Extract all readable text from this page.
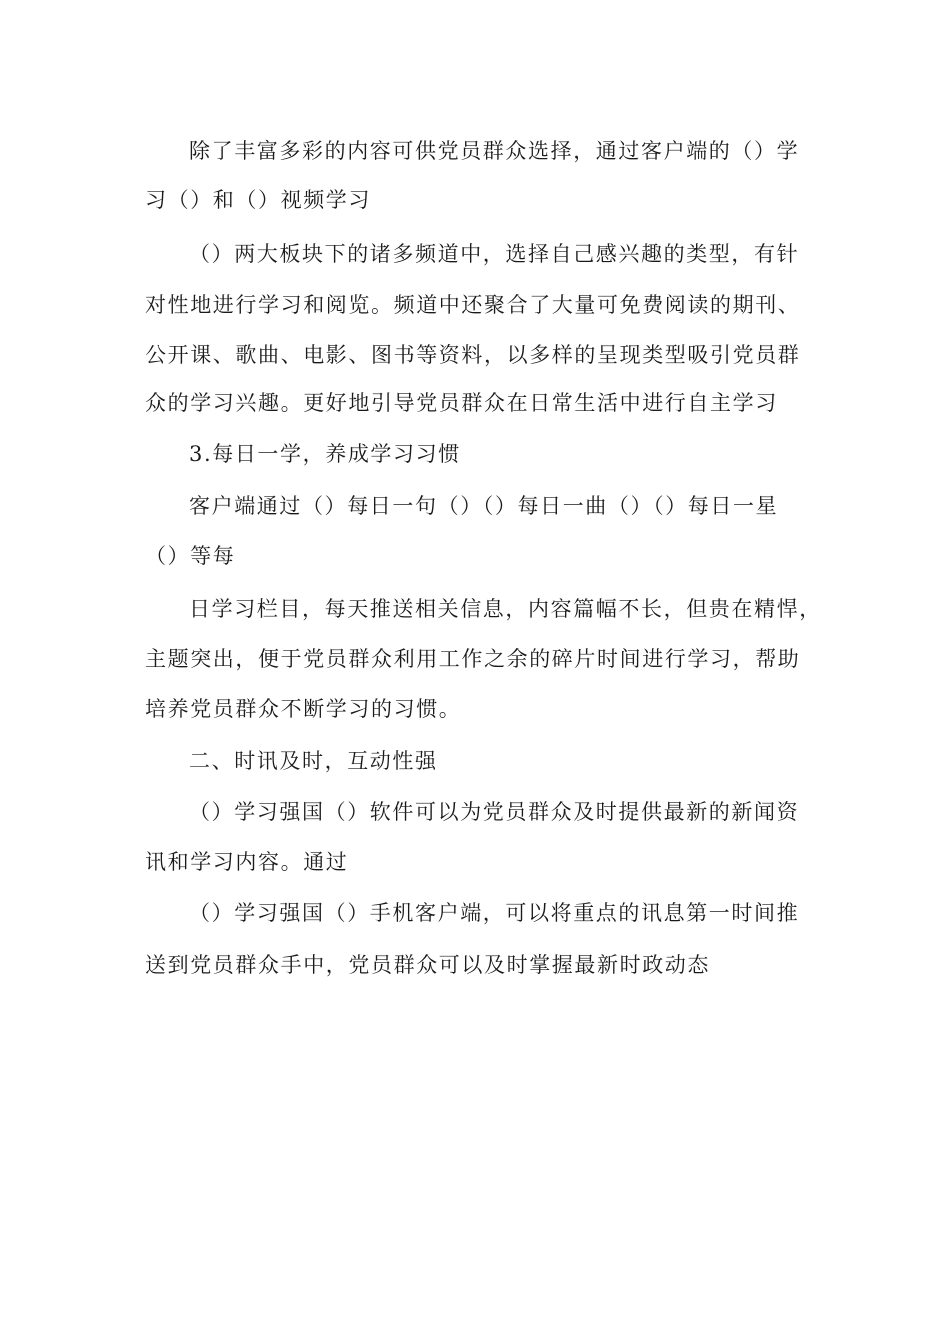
除了丰富多彩的内容可供党员群众选择，通过客户端的（）学
习（）和（）视频学习
（）两大板块下的诸多频道中，选择自己感兴趣的类型，有针
对性地进行学习和阅览。频道中还聚合了大量可免费阅读的期刊、
公开课、歌曲、电影、图书等资料，以多样的呈现类型吸引党员群
众的学习兴趣。更好地引导党员群众在日常生活中进行自主学习
3.每日一学，养成学习习惯
客户端通过（）每日一句（）（）每日一曲（）（）每日一星
（）等每
日学习栏目，每天推送相关信息，内容篇幅不长，但贵在精悍，
主题突出，便于党员群众利用工作之余的碎片时间进行学习，帮助
培养党员群众不断学习的习惯。
二、时讯及时，互动性强
（）学习强国（）软件可以为党员群众及时提供最新的新闻资
讯和学习内容。通过
（）学习强国（）手机客户端，可以将重点的讯息第一时间推
送到党员群众手中，党员群众可以及时掌握最新时政动态
